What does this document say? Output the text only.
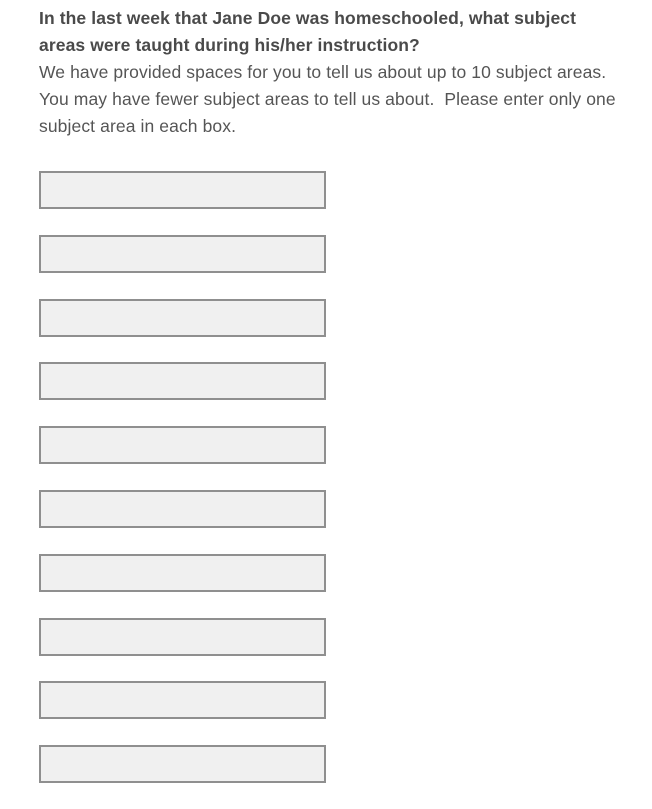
In the last week that Jane Doe was homeschooled, what subject areas were taught during his/her instruction?

We have provided spaces for you to tell us about up to 10 subject areas.  You may have fewer subject areas to tell us about.  Please enter only one subject area in each box.
